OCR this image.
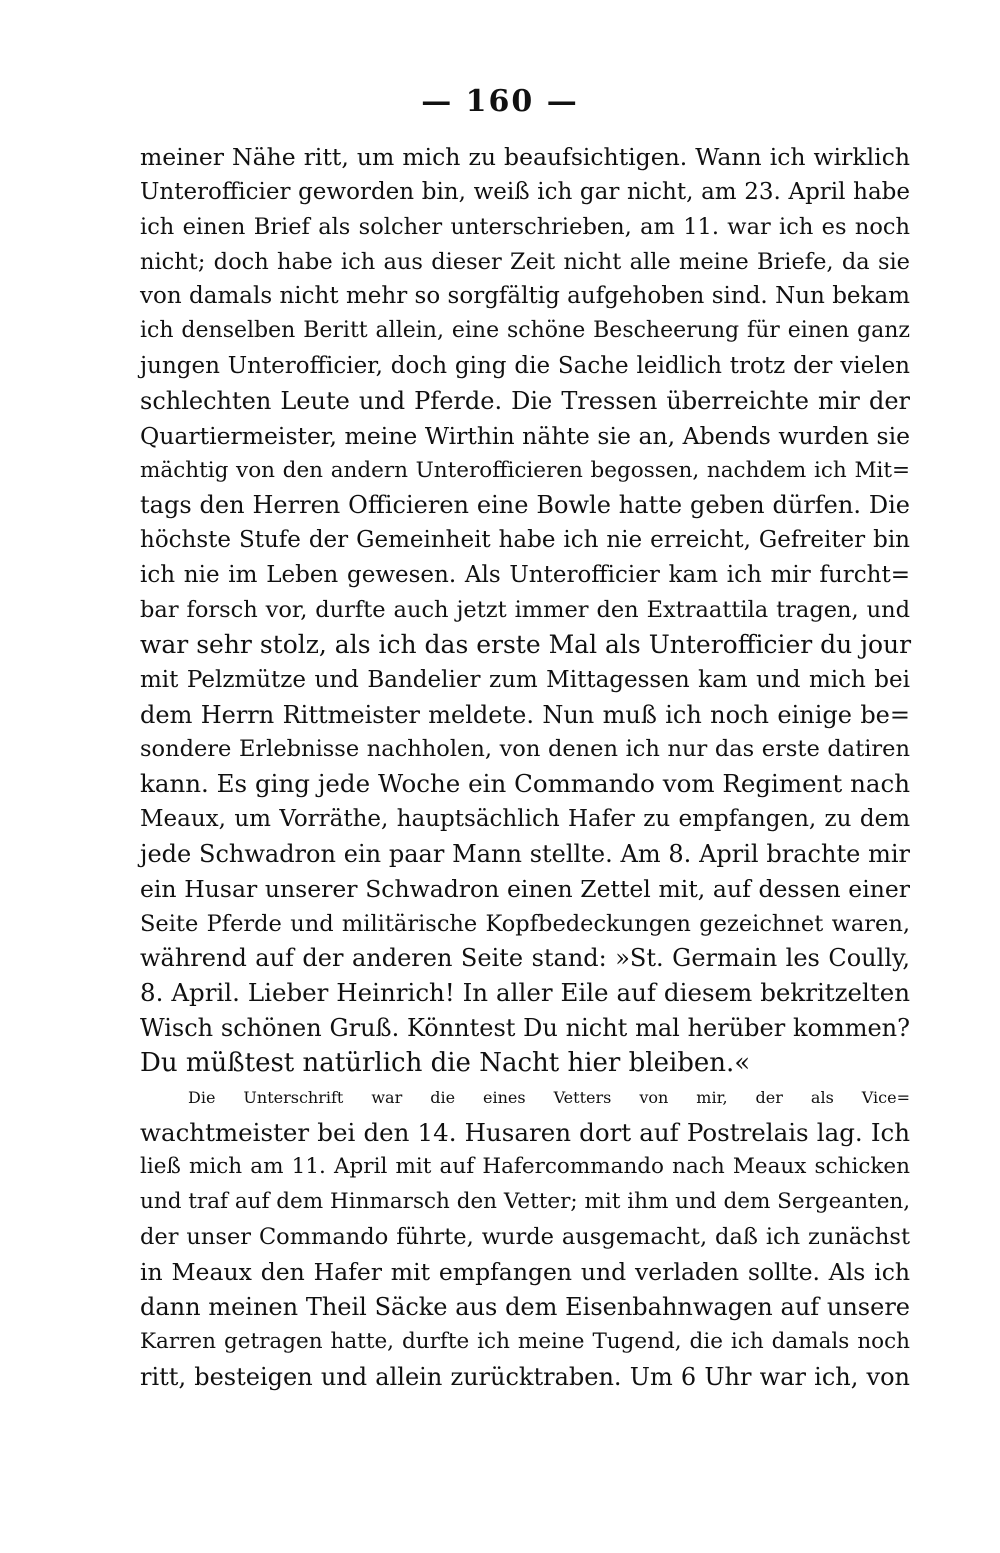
— 160 —
meiner Nähe ritt, um mich zu beaufsichtigen. Wann ich wirklich
Unterofficier geworden bin, weiß ich gar nicht, am 23. April habe
ich einen Brief als solcher unterschrieben, am 11. war ich es noch
nicht; doch habe ich aus dieser Zeit nicht alle meine Briefe, da sie
von damals nicht mehr so sorgfältig aufgehoben sind. Nun bekam
ich denselben Beritt allein, eine schöne Bescheerung für einen ganz
jungen Unterofficier, doch ging die Sache leidlich trotz der vielen
schlechten Leute und Pferde. Die Tressen überreichte mir der
Quartiermeister, meine Wirthin nähte sie an, Abends wurden sie
mächtig von den andern Unterofficieren begossen, nachdem ich Mit=
tags den Herren Officieren eine Bowle hatte geben dürfen. Die
höchste Stufe der Gemeinheit habe ich nie erreicht, Gefreiter bin
ich nie im Leben gewesen. Als Unterofficier kam ich mir furcht=
bar forsch vor, durfte auch jetzt immer den Extraattila tragen, und
war sehr stolz, als ich das erste Mal als Unterofficier du jour
mit Pelzmütze und Bandelier zum Mittagessen kam und mich bei
dem Herrn Rittmeister meldete. Nun muß ich noch einige be=
sondere Erlebnisse nachholen, von denen ich nur das erste datiren
kann. Es ging jede Woche ein Commando vom Regiment nach
Meaux, um Vorräthe, hauptsächlich Hafer zu empfangen, zu dem
jede Schwadron ein paar Mann stellte. Am 8. April brachte mir
ein Husar unserer Schwadron einen Zettel mit, auf dessen einer
Seite Pferde und militärische Kopfbedeckungen gezeichnet waren,
während auf der anderen Seite stand: »St. Germain les Coully,
8. April. Lieber Heinrich! In aller Eile auf diesem bekritzelten
Wisch schönen Gruß. Könntest Du nicht mal herüber kommen?
Du müßtest natürlich die Nacht hier bleiben.«
Die Unterschrift war die eines Vetters von mir, der als Vice=
wachtmeister bei den 14. Husaren dort auf Postrelais lag. Ich
ließ mich am 11. April mit auf Hafercommando nach Meaux schicken
und traf auf dem Hinmarsch den Vetter; mit ihm und dem Sergeanten,
der unser Commando führte, wurde ausgemacht, daß ich zunächst
in Meaux den Hafer mit empfangen und verladen sollte. Als ich
dann meinen Theil Säcke aus dem Eisenbahnwagen auf unsere
Karren getragen hatte, durfte ich meine Tugend, die ich damals noch
ritt, besteigen und allein zurücktraben. Um 6 Uhr war ich, von
